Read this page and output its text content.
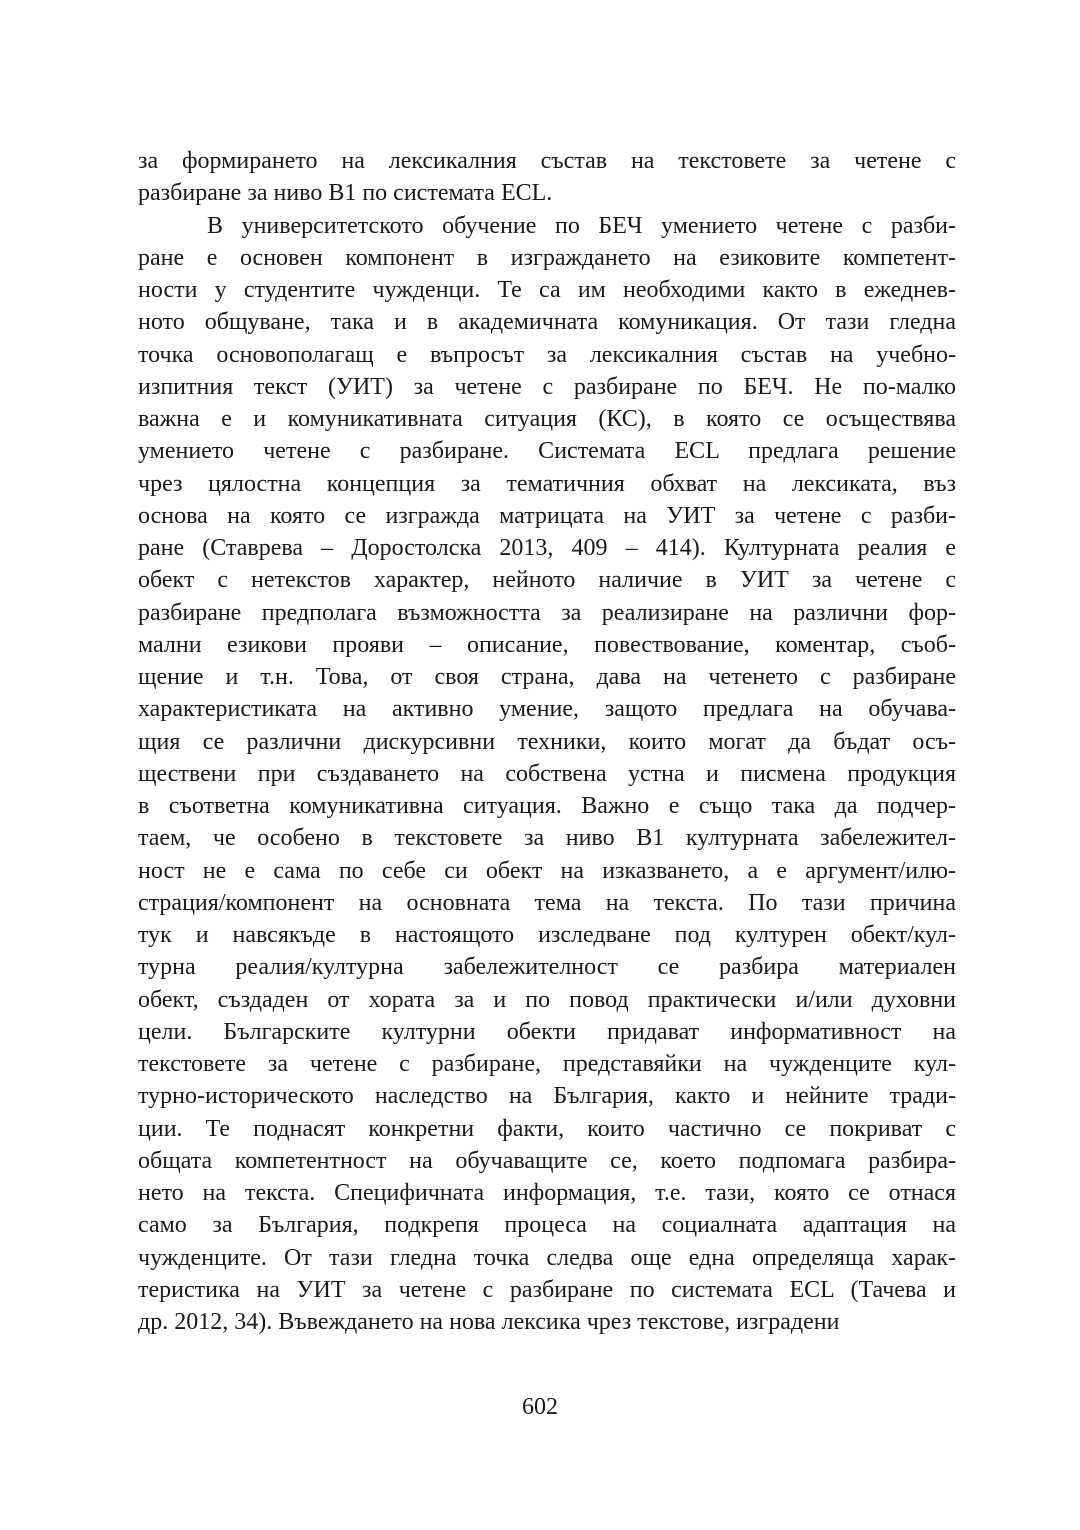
за формирането на лексикалния състав на текстовете за четене с
разбиране за ниво В1 по системата ECL.
В университетското обучение по БЕЧ умението четене с разби-
ране е основен компонент в изграждането на езиковите компетент-
ности у студентите чужденци. Те са им необходими както в ежеднев-
ното общуване, така и в академичната комуникация. От тази гледна
точка основополагащ е въпросът за лексикалния състав на учебно-
изпитния текст (УИТ) за четене с разбиране по БЕЧ. Не по-малко
важна е и комуникативната ситуация (КС), в която се осъществява
умението четене с разбиране. Системата ECL предлага решение
чрез цялостна концепция за тематичния обхват на лексиката, въз
основа на която се изгражда матрицата на УИТ за четене с разби-
ране (Ставрева – Доростолска 2013, 409 – 414). Културната реалия е
обект с нетекстов характер, нейното наличие в УИТ за четене с
разбиране предполага възможността за реализиране на различни фор-
мални езикови прояви – описание, повествование, коментар, съоб-
щение и т.н. Това, от своя страна, дава на четенето с разбиране
характеристиката на активно умение, защото предлага на обучава-
щия се различни дискурсивни техники, които могат да бъдат осъ-
ществени при създаването на собствена устна и писмена продукция
в съответна комуникативна ситуация. Важно е също така да подчер-
таем, че особено в текстовете за ниво В1 културната забележител-
ност не е сама по себе си обект на изказването, а е аргумент/илю-
страция/компонент на основната тема на текста. По тази причина
тук и навсякъде в настоящото изследване под културен обект/кул-
турна реалия/културна забележителност се разбира материален
обект, създаден от хората за и по повод практически и/или духовни
цели. Българските културни обекти придават информативност на
текстовете за четене с разбиране, представяйки на чужденците кул-
турно-историческото наследство на България, както и нейните тради-
ции. Те поднасят конкретни факти, които частично се покриват с
общата компетентност на обучаващите се, което подпомага разбира-
нето на текста. Специфичната информация, т.е. тази, която се отнася
само за България, подкрепя процеса на социалната адаптация на
чужденците. От тази гледна точка следва още една определяща харак-
теристика на УИТ за четене с разбиране по системата ECL (Тачева и
др. 2012, 34). Въвеждането на нова лексика чрез текстове, изградени
602
